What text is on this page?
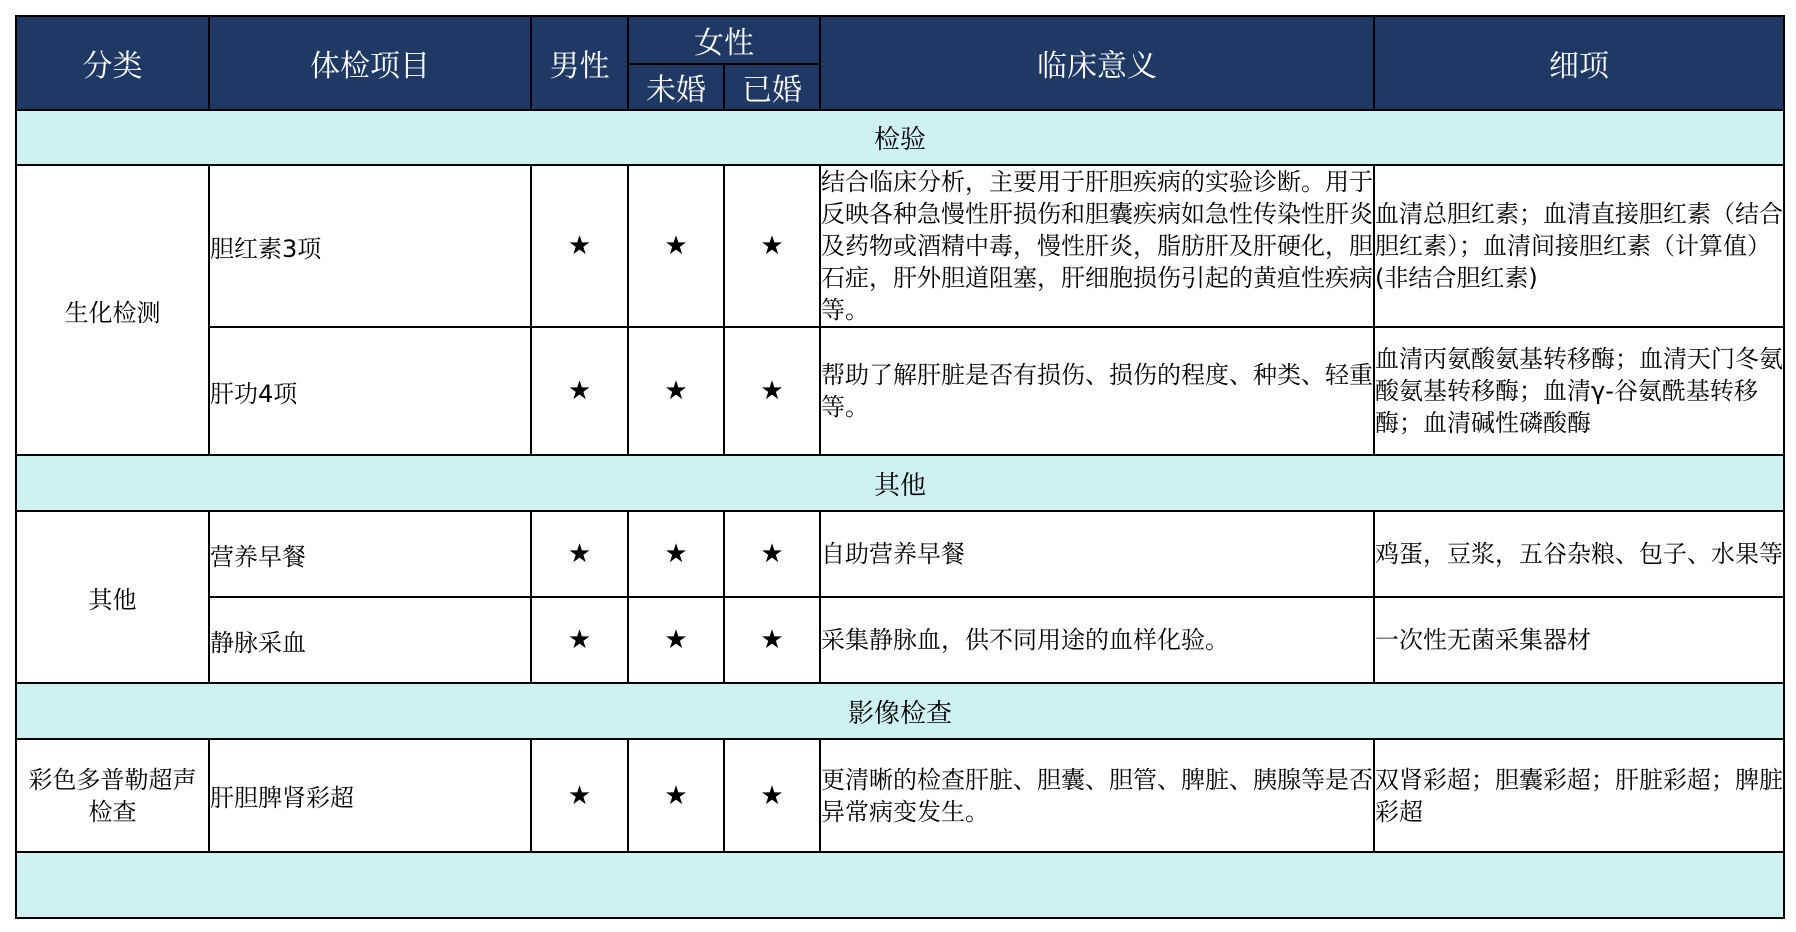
分类	体检项目	男性	女性		临床意义	细项
			未婚	已婚		
检验						
生化检测	胆红素3项	★	★	★	结合临床分析，主要用于肝胆疾病的实验诊断。用于反映各种急慢性肝损伤和胆囊疾病如急性传染性肝炎及药物或酒精中毒，慢性肝炎，脂肪肝及肝硬化，胆石症，肝外胆道阻塞，肝细胞损伤引起的黄疸性疾病等。	血清总胆红素；血清直接胆红素（结合胆红素）；血清间接胆红素（计算值）(非结合胆红素)
	肝功4项	★	★	★	帮助了解肝脏是否有损伤、损伤的程度、种类、轻重等。	血清丙氨酸氨基转移酶；血清天门冬氨酸氨基转移酶；血清γ-谷氨酰基转移酶；血清碱性磷酸酶
其他						
其他	营养早餐	★	★	★	自助营养早餐	鸡蛋，豆浆，五谷杂粮、包子、水果等
	静脉采血	★	★	★	采集静脉血，供不同用途的血样化验。	一次性无菌采集器材
影像检查						
彩色多普勒超声检查	肝胆脾肾彩超	★	★	★	更清晰的检查肝脏、胆囊、胆管、脾脏、胰腺等是否异常病变发生。	双肾彩超；胆囊彩超；肝脏彩超；脾脏彩超
